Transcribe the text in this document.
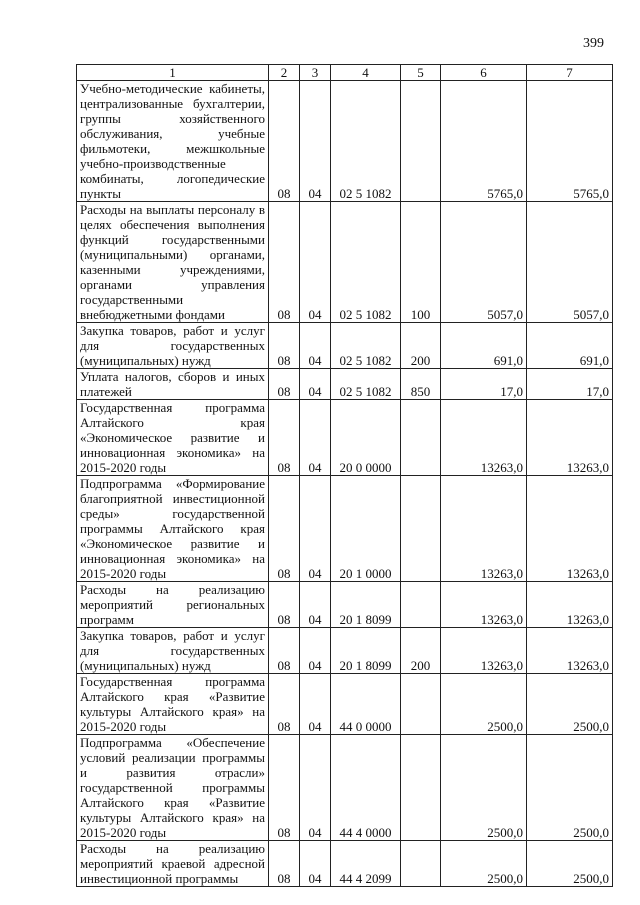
399
1	2	3	4	5	6	7
Учебно-методические кабинеты, централизованные бухгалтерии, группы хозяйственного обслуживания, учебные фильмотеки, межшкольные учебно-производственные комбинаты, логопедические пункты	08	04	02 5 1082		5765,0	5765,0
Расходы на выплаты персоналу в целях обеспечения выполнения функций государственными (муниципальными) органами, казенными учреждениями, органами управления государственными внебюджетными фондами	08	04	02 5 1082	100	5057,0	5057,0
Закупка товаров, работ и услуг для государственных (муниципальных) нужд	08	04	02 5 1082	200	691,0	691,0
Уплата налогов, сборов и иных платежей	08	04	02 5 1082	850	17,0	17,0
Государственная программа Алтайского края «Экономическое развитие и инновационная экономика» на 2015-2020 годы	08	04	20 0 0000		13263,0	13263,0
Подпрограмма «Формирование благоприятной инвестиционной среды» государственной программы Алтайского края «Экономическое развитие и инновационная экономика» на 2015-2020 годы	08	04	20 1 0000		13263,0	13263,0
Расходы на реализацию мероприятий региональных программ	08	04	20 1 8099		13263,0	13263,0
Закупка товаров, работ и услуг для государственных (муниципальных) нужд	08	04	20 1 8099	200	13263,0	13263,0
Государственная программа Алтайского края «Развитие культуры Алтайского края» на 2015-2020 годы	08	04	44 0 0000		2500,0	2500,0
Подпрограмма «Обеспечение условий реализации программы и развития отрасли» государственной программы Алтайского края «Развитие культуры Алтайского края» на 2015-2020 годы	08	04	44 4 0000		2500,0	2500,0
Расходы на реализацию мероприятий краевой адресной инвестиционной программы	08	04	44 4 2099		2500,0	2500,0
